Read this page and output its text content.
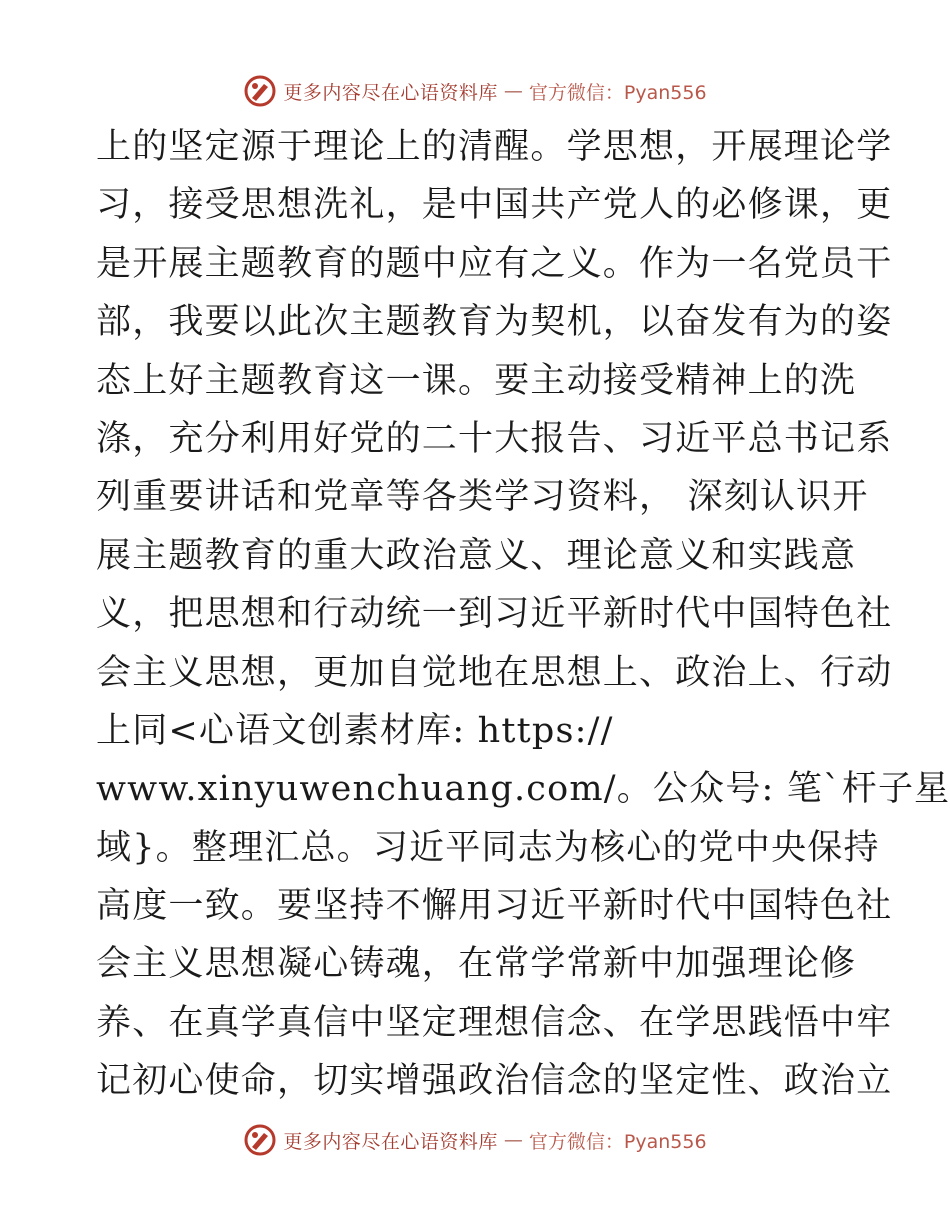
更多内容尽在心语资料库 — 官方微信：Pyan556
上的坚定源于理论上的清醒。学思想，开展理论学
习，接受思想洗礼，是中国共产党人的必修课，更
是开展主题教育的题中应有之义。作为一名党员干
部，我要以此次主题教育为契机，以奋发有为的姿
态上好主题教育这一课。要主动接受精神上的洗
涤，充分利用好党的二十大报告、习近平总书记系
列重要讲话和党章等各类学习资料， 深刻认识开
展主题教育的重大政治意义、理论意义和实践意
义，把思想和行动统一到习近平新时代中国特色社
会主义思想，更加自觉地在思想上、政治上、行动
上同<心语文创素材库: https://
www.xinyuwenchuang.com/。公众号: 笔`杆子星
域}。整理汇总。习近平同志为核心的党中央保持
高度一致。要坚持不懈用习近平新时代中国特色社
会主义思想凝心铸魂，在常学常新中加强理论修
养、在真学真信中坚定理想信念、在学思践悟中牢
记初心使命，切实增强政治信念的坚定性、政治立
更多内容尽在心语资料库 — 官方微信：Pyan556
